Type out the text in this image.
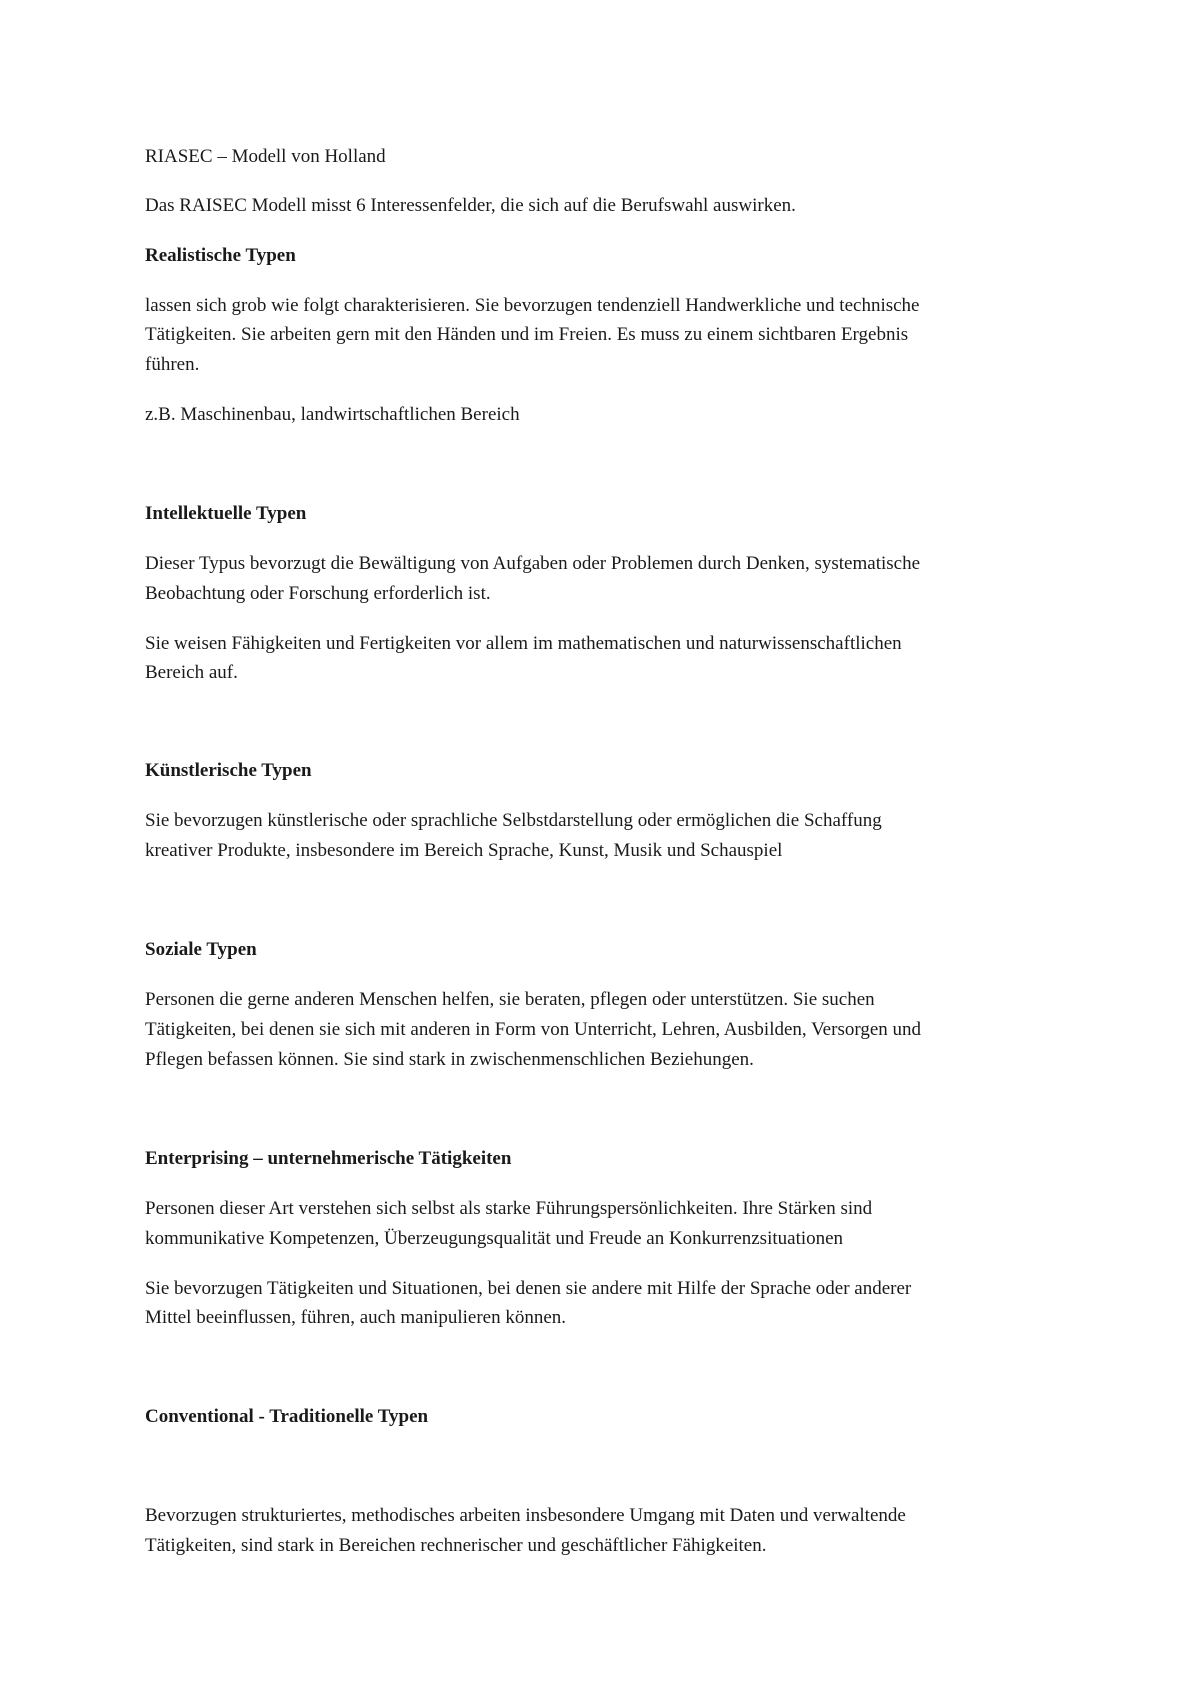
RIASEC – Modell von Holland
Das RAISEC Modell misst 6 Interessenfelder, die sich auf die Berufswahl auswirken.
Realistische Typen
lassen sich grob wie folgt charakterisieren. Sie bevorzugen tendenziell Handwerkliche und technische
Tätigkeiten. Sie arbeiten gern mit den Händen und im Freien. Es muss zu einem sichtbaren Ergebnis
führen.
z.B. Maschinenbau, landwirtschaftlichen Bereich
Intellektuelle Typen
Dieser Typus bevorzugt die Bewältigung von Aufgaben oder Problemen durch Denken, systematische
Beobachtung oder Forschung erforderlich ist.
Sie weisen Fähigkeiten und Fertigkeiten vor allem im mathematischen und naturwissenschaftlichen
Bereich auf.
Künstlerische Typen
Sie bevorzugen künstlerische oder sprachliche Selbstdarstellung oder ermöglichen die Schaffung
kreativer Produkte, insbesondere im Bereich Sprache, Kunst, Musik und Schauspiel
Soziale Typen
Personen die gerne anderen Menschen helfen, sie beraten, pflegen oder unterstützen. Sie suchen
Tätigkeiten, bei denen sie sich mit anderen in Form von Unterricht, Lehren, Ausbilden, Versorgen und
Pflegen befassen können. Sie sind stark in zwischenmenschlichen Beziehungen.
Enterprising – unternehmerische Tätigkeiten
Personen dieser Art verstehen sich selbst als starke Führungspersönlichkeiten. Ihre Stärken sind
kommunikative Kompetenzen, Überzeugungsqualität und Freude an Konkurrenzsituationen
Sie bevorzugen Tätigkeiten und Situationen, bei denen sie andere mit Hilfe der Sprache oder anderer
Mittel beeinflussen, führen, auch manipulieren können.
Conventional - Traditionelle Typen
Bevorzugen strukturiertes, methodisches arbeiten insbesondere Umgang mit Daten und verwaltende
Tätigkeiten, sind stark in Bereichen rechnerischer und geschäftlicher Fähigkeiten.
